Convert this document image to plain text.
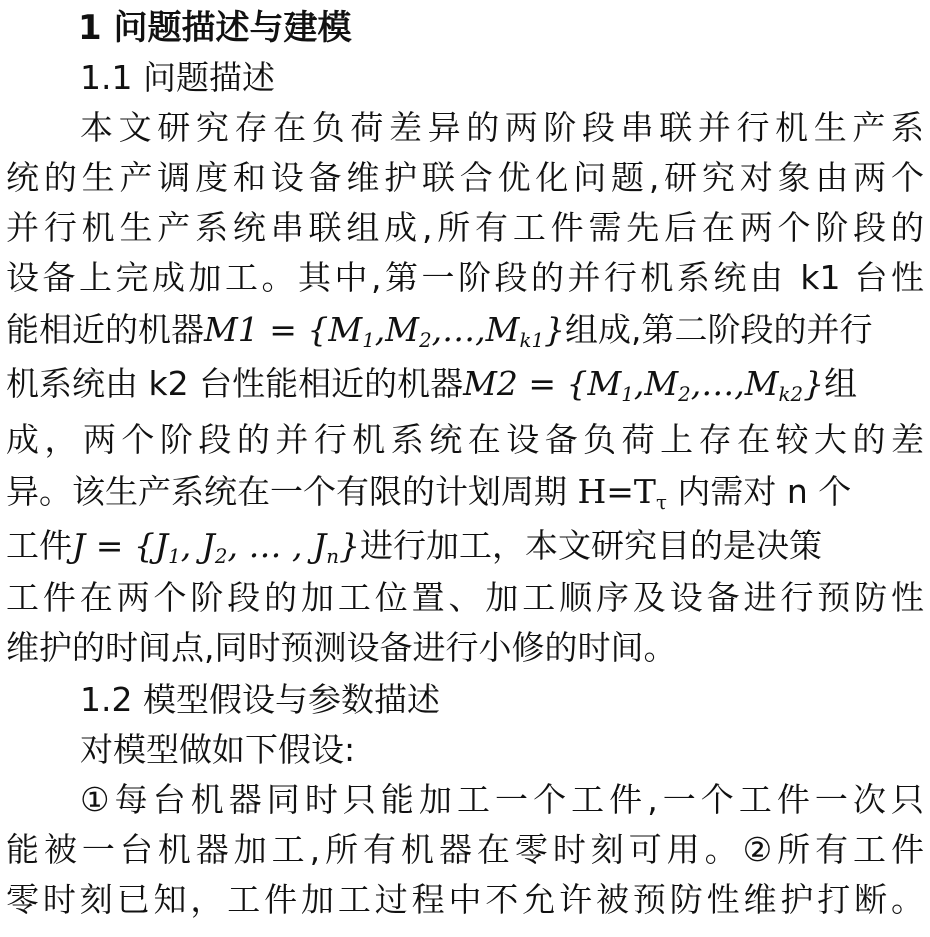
1 问题描述与建模
1.1 问题描述
本文研究存在负荷差异的两阶段串联并行机生产系
统的生产调度和设备维护联合优化问题,研究对象由两个
并行机生产系统串联组成,所有工件需先后在两个阶段的
设备上完成加工。其中,第一阶段的并行机系统由 k1 台性
能相近的机器$M1 = \{M_1,M_2,\dots,M_{k1}\}$组成,第二阶段的并行
机系统由 k2 台性能相近的机器$M2 = \{M_1,M_2,\dots,M_{k2}\}$组
成，两个阶段的并行机系统在设备负荷上存在较大的差
异。该生产系统在一个有限的计划周期 $H=T_\tau$ 内需对 n 个
工件$J = \{J_1$, $J_2$, … , $J_n$}进行加工，本文研究目的是决策
工件在两个阶段的加工位置、加工顺序及设备进行预防性
维护的时间点,同时预测设备进行小修的时间。
1.2 模型假设与参数描述
对模型做如下假设:
①每台机器同时只能加工一个工件,一个工件一次只
能被一台机器加工,所有机器在零时刻可用。②所有工件
零时刻已知，工件加工过程中不允许被预防性维护打断。
